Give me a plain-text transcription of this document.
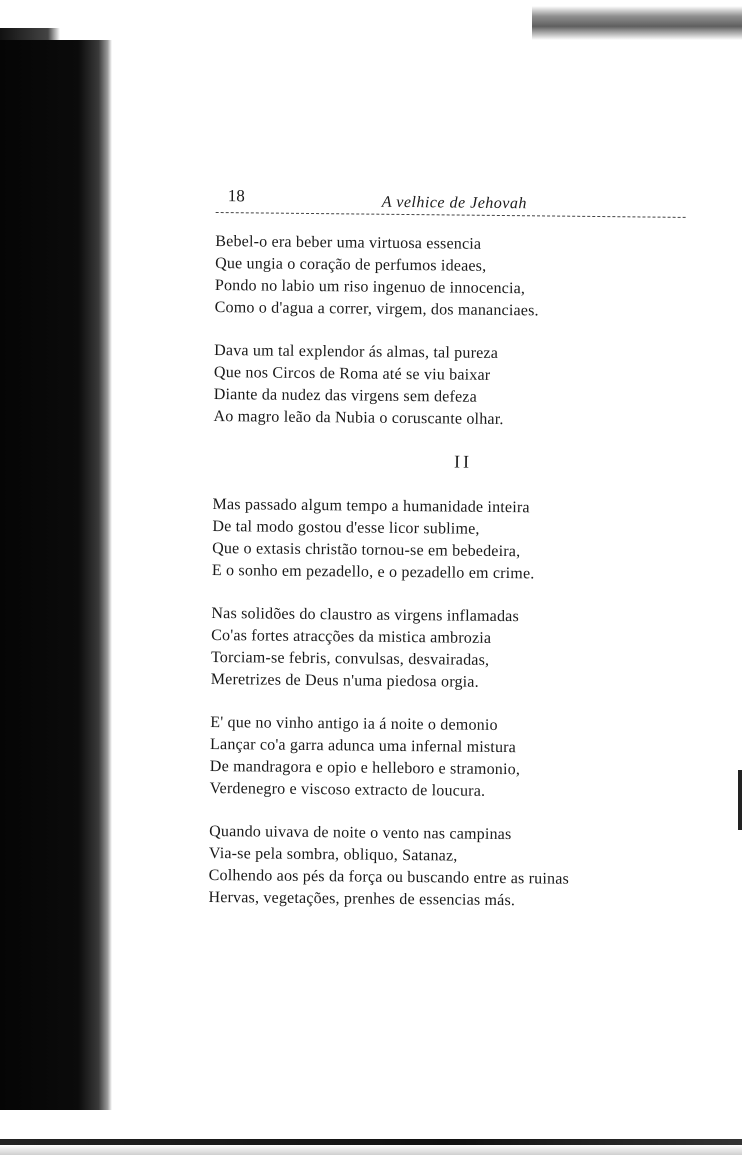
18	A velhice de Jehovah
Bebel-o era beber uma virtuosa essencia
Que ungia o coração de perfumos ideaes,
Pondo no labio um riso ingenuo de innocencia,
Como o d'agua a correr, virgem, dos mananciaes.
Dava um tal explendor ás almas, tal pureza
Que nos Circos de Roma até se viu baixar
Diante da nudez das virgens sem defeza
Ao magro leão da Nubia o coruscante olhar.
II
Mas passado algum tempo a humanidade inteira
De tal modo gostou d'esse licor sublime,
Que o extasis christão tornou-se em bebedeira,
E o sonho em pezadello, e o pezadello em crime.
Nas solidões do claustro as virgens inflamadas
Co'as fortes atracções da mistica ambrozia
Torciam-se febris, convulsas, desvairadas,
Meretrizes de Deus n'uma piedosa orgia.
E' que no vinho antigo ia á noite o demonio
Lançar co'a garra adunca uma infernal mistura
De mandragora e opio e helleboro e stramonio,
Verdenegro e viscoso extracto de loucura.
Quando uivava de noite o vento nas campinas
Via-se pela sombra, obliquo, Satanaz,
Colhendo aos pés da força ou buscando entre as ruinas
Hervas, vegetações, prenhes de essencias más.
